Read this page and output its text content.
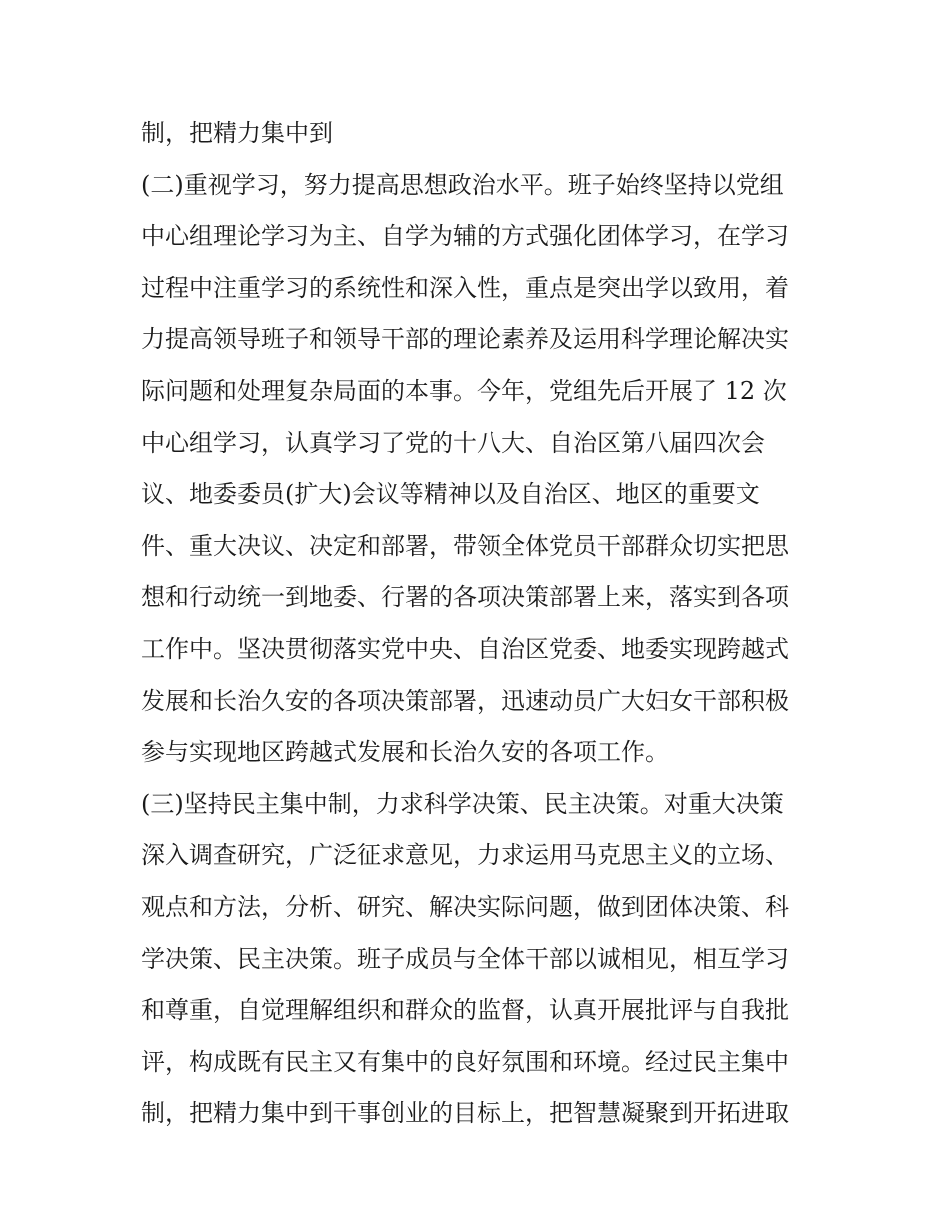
制，把精力集中到
(二)重视学习，努力提高思想政治水平。班子始终坚持以党组
中心组理论学习为主、自学为辅的方式强化团体学习，在学习
过程中注重学习的系统性和深入性，重点是突出学以致用，着
力提高领导班子和领导干部的理论素养及运用科学理论解决实
际问题和处理复杂局面的本事。今年，党组先后开展了 12 次
中心组学习，认真学习了党的十八大、自治区第八届四次会
议、地委委员(扩大)会议等精神以及自治区、地区的重要文
件、重大决议、决定和部署，带领全体党员干部群众切实把思
想和行动统一到地委、行署的各项决策部署上来，落实到各项
工作中。坚决贯彻落实党中央、自治区党委、地委实现跨越式
发展和长治久安的各项决策部署，迅速动员广大妇女干部积极
参与实现地区跨越式发展和长治久安的各项工作。
(三)坚持民主集中制，力求科学决策、民主决策。对重大决策
深入调查研究，广泛征求意见，力求运用马克思主义的立场、
观点和方法，分析、研究、解决实际问题，做到团体决策、科
学决策、民主决策。班子成员与全体干部以诚相见，相互学习
和尊重，自觉理解组织和群众的监督，认真开展批评与自我批
评，构成既有民主又有集中的良好氛围和环境。经过民主集中
制，把精力集中到干事创业的目标上，把智慧凝聚到开拓进取
